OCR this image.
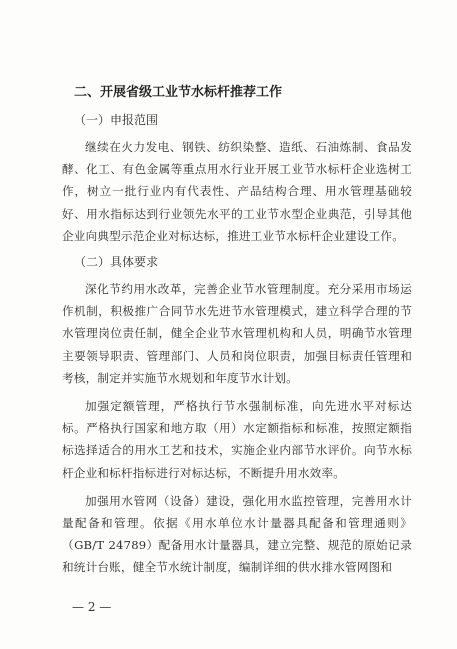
二、开展省级工业节水标杆推荐工作
（一）申报范围

继续在火力发电、钢铁、纺织染整、造纸、石油炼制、食品发酵、化工、有色金属等重点用水行业开展工业节水标杆企业选树工作，树立一批行业内有代表性、产品结构合理、用水管理基础较好、用水指标达到行业领先水平的工业节水型企业典范，引导其他企业向典型示范企业对标达标，推进工业节水标杆企业建设工作。

（二）具体要求

深化节约用水改革，完善企业节水管理制度。充分采用市场运作机制，积极推广合同节水先进节水管理模式，建立科学合理的节水管理岗位责任制，健全企业节水管理机构和人员，明确节水管理主要领导职责、管理部门、人员和岗位职责，加强目标责任管理和考核，制定并实施节水规划和年度节水计划。

加强定额管理，严格执行节水强制标准，向先进水平对标达标。严格执行国家和地方取（用）水定额指标和标准，按照定额指标选择适合的用水工艺和技术，实施企业内部节水评价。向节水标杆企业和标杆指标进行对标达标，不断提升用水效率。

加强用水管网（设备）建设，强化用水监控管理，完善用水计量配备和管理。依据《用水单位水计量器具配备和管理通则》（GB/T 24789）配备用水计量器具，建立完整、规范的原始记录和统计台账，健全节水统计制度，编制详细的供水排水管网图和

— 2 —
